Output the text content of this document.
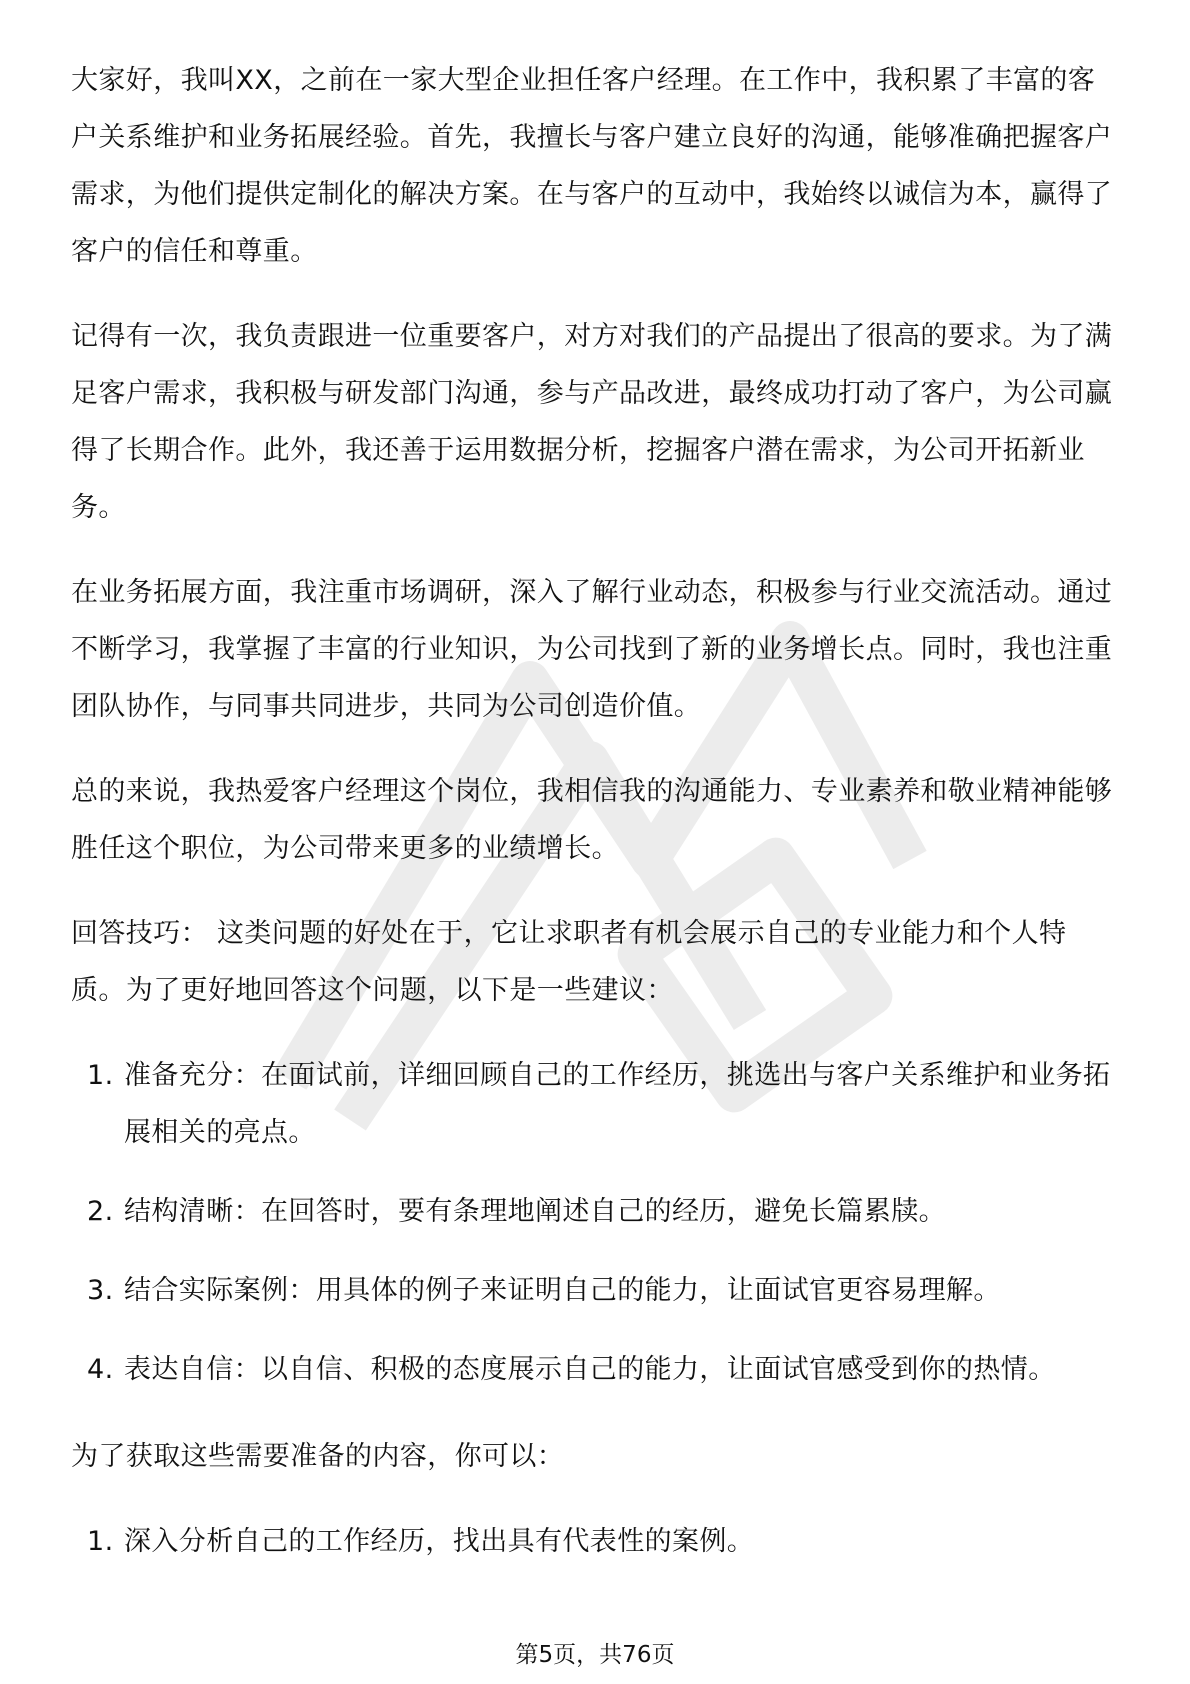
大家好，我叫XX，之前在一家大型企业担任客户经理。在工作中，我积累了丰富的客户关系维护和业务拓展经验。首先，我擅长与客户建立良好的沟通，能够准确把握客户需求，为他们提供定制化的解决方案。在与客户的互动中，我始终以诚信为本，赢得了客户的信任和尊重。

记得有一次，我负责跟进一位重要客户，对方对我们的产品提出了很高的要求。为了满足客户需求，我积极与研发部门沟通，参与产品改进，最终成功打动了客户，为公司赢得了长期合作。此外，我还善于运用数据分析，挖掘客户潜在需求，为公司开拓新业务。

在业务拓展方面，我注重市场调研，深入了解行业动态，积极参与行业交流活动。通过不断学习，我掌握了丰富的行业知识，为公司找到了新的业务增长点。同时，我也注重团队协作，与同事共同进步，共同为公司创造价值。

总的来说，我热爱客户经理这个岗位，我相信我的沟通能力、专业素养和敬业精神能够胜任这个职位，为公司带来更多的业绩增长。

回答技巧： 这类问题的好处在于，它让求职者有机会展示自己的专业能力和个人特质。为了更好地回答这个问题，以下是一些建议：

1. 准备充分：在面试前，详细回顾自己的工作经历，挑选出与客户关系维护和业务拓展相关的亮点。
2. 结构清晰：在回答时，要有条理地阐述自己的经历，避免长篇累牍。
3. 结合实际案例：用具体的例子来证明自己的能力，让面试官更容易理解。
4. 表达自信：以自信、积极的态度展示自己的能力，让面试官感受到你的热情。

为了获取这些需要准备的内容，你可以：

1. 深入分析自己的工作经历，找出具有代表性的案例。
第5页，共76页
